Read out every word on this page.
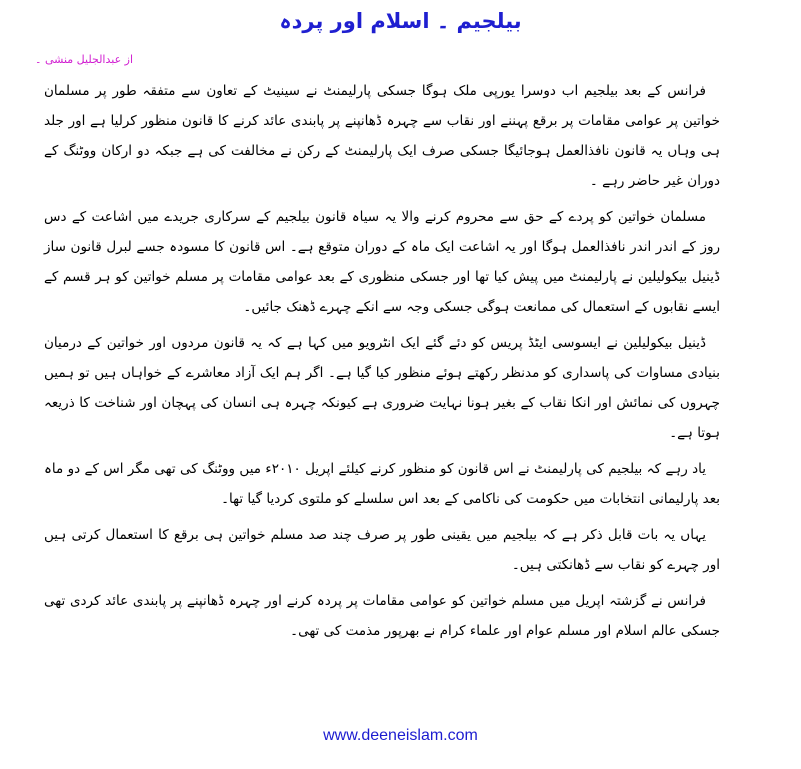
بیلجیم ۔ اسلام اور پردہ
از عبدالجلیل منشی ۔

فرانس کے بعد بیلجیم اب دوسرا یورپی ملک ہوگا جسکی پارلیمنٹ نے سینیٹ کے تعاون سے متفقہ طور پر مسلمان خواتین پر عوامی مقامات پر برقع پہننے اور نقاب سے چہرہ ڈھانپنے پر پابندی عائد کرنے کا قانون منظور کرلیا ہے اور جلد ہی وہاں یہ قانون نافذالعمل ہوجائیگا جسکی صرف ایک پارلیمنٹ کے رکن نے مخالفت کی ہے جبکہ دو ارکان ووٹنگ کے دوران غیر حاضر رہے ۔

مسلمان خواتین کو پردے کے حق سے محروم کرنے والا یہ سیاہ قانون بیلجیم کے سرکاری جریدے میں اشاعت کے دس روز کے اندر اندر نافذالعمل ہوگا اور یہ اشاعت ایک ماہ کے دوران متوقع ہے۔ اس قانون کا مسودہ جسے لبرل قانون ساز ڈینیل بیکولیلین نے پارلیمنٹ میں پیش کیا تھا اور جسکی منظوری کے بعد عوامی مقامات پر مسلم خواتین کو ہر قسم کے ایسے نقابوں کے استعمال کی ممانعت ہوگی جسکی وجہ سے انکے چہرے ڈھنک جائیں۔

ڈینیل بیکولیلین نے ایسوسی ایٹڈ پریس کو دئے گئے ایک انٹرویو میں کہا ہے کہ یہ قانون مردوں اور خواتین کے درمیان بنیادی مساوات کی پاسداری کو مدنظر رکھتے ہوئے منظور کیا گیا ہے۔ اگر ہم ایک آزاد معاشرے کے خواہاں ہیں تو ہمیں چہروں کی نمائش اور انکا نقاب کے بغیر ہونا نہایت ضروری ہے کیونکہ چہرہ ہی انسان کی پہچان اور شناخت کا ذریعہ ہوتا ہے۔

یاد رہے کہ بیلجیم کی پارلیمنٹ نے اس قانون کو منظور کرنے کیلئے اپریل ۲۰۱۰ء میں ووٹنگ کی تھی مگر اس کے دو ماہ بعد پارلیمانی انتخابات میں حکومت کی ناکامی کے بعد اس سلسلے کو ملتوی کردیا گیا تھا۔

یہاں یہ بات قابل ذکر ہے کہ بیلجیم میں یقینی طور پر صرف چند صد مسلم خواتین ہی برقع کا استعمال کرتی ہیں اور چہرے کو نقاب سے ڈھانکتی ہیں۔

فرانس نے گزشتہ اپریل میں مسلم خواتین کو عوامی مقامات پر پردہ کرنے اور چہرہ ڈھانپنے پر پابندی عائد کردی تھی جسکی عالم اسلام اور مسلم عوام اور علماء کرام نے بھرپور مذمت کی تھی۔

www.deeneislam.com
